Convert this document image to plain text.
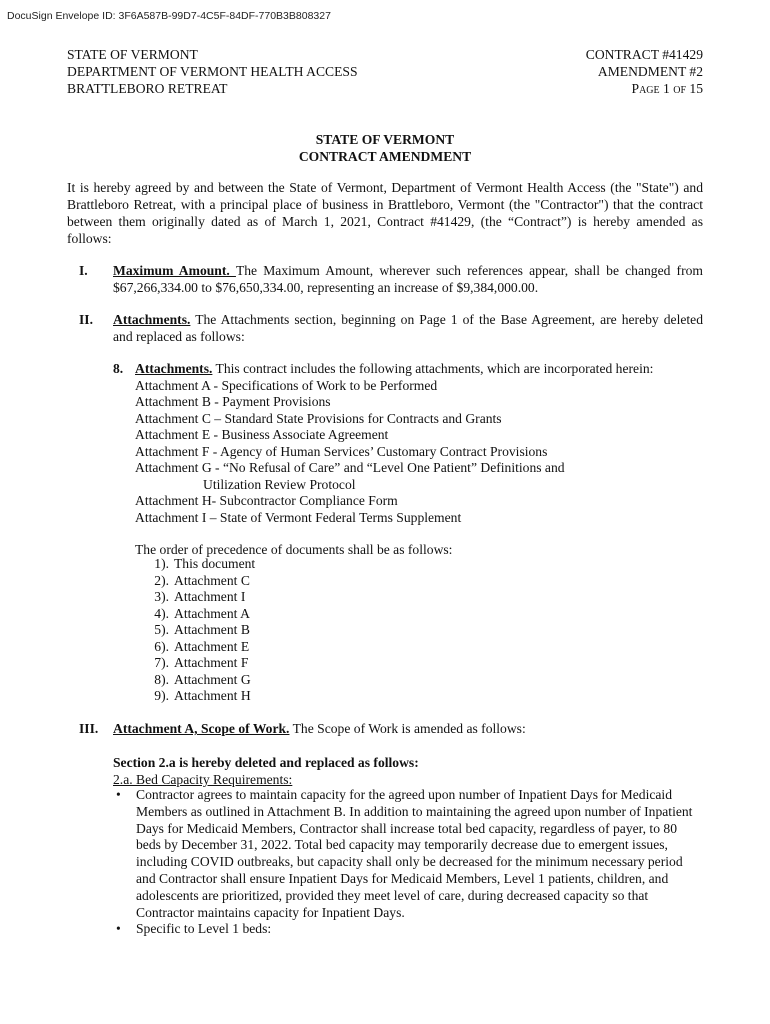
DocuSign Envelope ID: 3F6A587B-99D7-4C5F-84DF-770B3B808327
STATE OF VERMONT
DEPARTMENT OF VERMONT HEALTH ACCESS
BRATTLEBORO RETREAT
CONTRACT #41429
AMENDMENT #2
Page 1 of 15
STATE OF VERMONT
CONTRACT AMENDMENT
It is hereby agreed by and between the State of Vermont, Department of Vermont Health Access (the "State") and Brattleboro Retreat, with a principal place of business in Brattleboro, Vermont (the "Contractor") that the contract between them originally dated as of March 1, 2021, Contract #41429, (the “Contract”) is hereby amended as follows:
I. Maximum Amount. The Maximum Amount, wherever such references appear, shall be changed from $67,266,334.00 to $76,650,334.00, representing an increase of $9,384,000.00.
II. Attachments. The Attachments section, beginning on Page 1 of the Base Agreement, are hereby deleted and replaced as follows:
8. Attachments. This contract includes the following attachments, which are incorporated herein:
Attachment A - Specifications of Work to be Performed
Attachment B - Payment Provisions
Attachment C – Standard State Provisions for Contracts and Grants
Attachment E - Business Associate Agreement
Attachment F - Agency of Human Services’ Customary Contract Provisions
Attachment G - “No Refusal of Care” and “Level One Patient” Definitions and
Utilization Review Protocol
Attachment H- Subcontractor Compliance Form
Attachment I – State of Vermont Federal Terms Supplement
The order of precedence of documents shall be as follows:
1). This document
2). Attachment C
3). Attachment I
4). Attachment A
5). Attachment B
6). Attachment E
7). Attachment F
8). Attachment G
9). Attachment H
III. Attachment A, Scope of Work. The Scope of Work is amended as follows:
Section 2.a is hereby deleted and replaced as follows:
2.a. Bed Capacity Requirements:
• Contractor agrees to maintain capacity for the agreed upon number of Inpatient Days for Medicaid Members as outlined in Attachment B. In addition to maintaining the agreed upon number of Inpatient Days for Medicaid Members, Contractor shall increase total bed capacity, regardless of payer, to 80 beds by December 31, 2022. Total bed capacity may temporarily decrease due to emergent issues, including COVID outbreaks, but capacity shall only be decreased for the minimum necessary period and Contractor shall ensure Inpatient Days for Medicaid Members, Level 1 patients, children, and adolescents are prioritized, provided they meet level of care, during decreased capacity so that Contractor maintains capacity for Inpatient Days.
• Specific to Level 1 beds:
